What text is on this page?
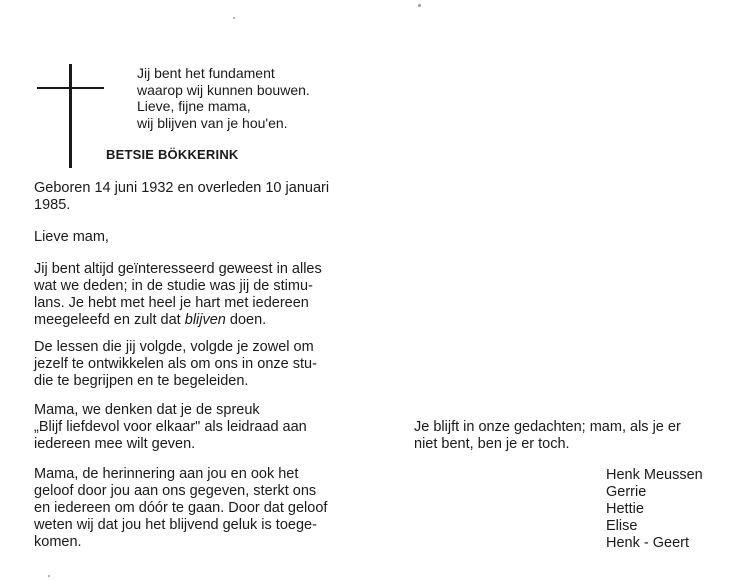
Jij bent het fundament
waarop wij kunnen bouwen.
Lieve, fijne mama,
wij blijven van je hou'en.
BETSIE BÖKKERINK
Geboren 14 juni 1932 en overleden 10 januari
1985.
Lieve mam,
Jij bent altijd geïnteresseerd geweest in alles
wat we deden; in de studie was jij de stimu-
lans. Je hebt met heel je hart met iedereen
meegeleefd en zult dat blijven doen.
De lessen die jij volgde, volgde je zowel om
jezelf te ontwikkelen als om ons in onze stu-
die te begrijpen en te begeleiden.
Mama, we denken dat je de spreuk
„Blijf liefdevol voor elkaar" als leidraad aan
iedereen mee wilt geven.
Mama, de herinnering aan jou en ook het
geloof door jou aan ons gegeven, sterkt ons
en iedereen om dóór te gaan. Door dat geloof
weten wij dat jou het blijvend geluk is toege-
komen.
Je blijft in onze gedachten; mam, als je er
niet bent, ben je er toch.
Henk Meussen
Gerrie
Hettie
Elise
Henk - Geert
